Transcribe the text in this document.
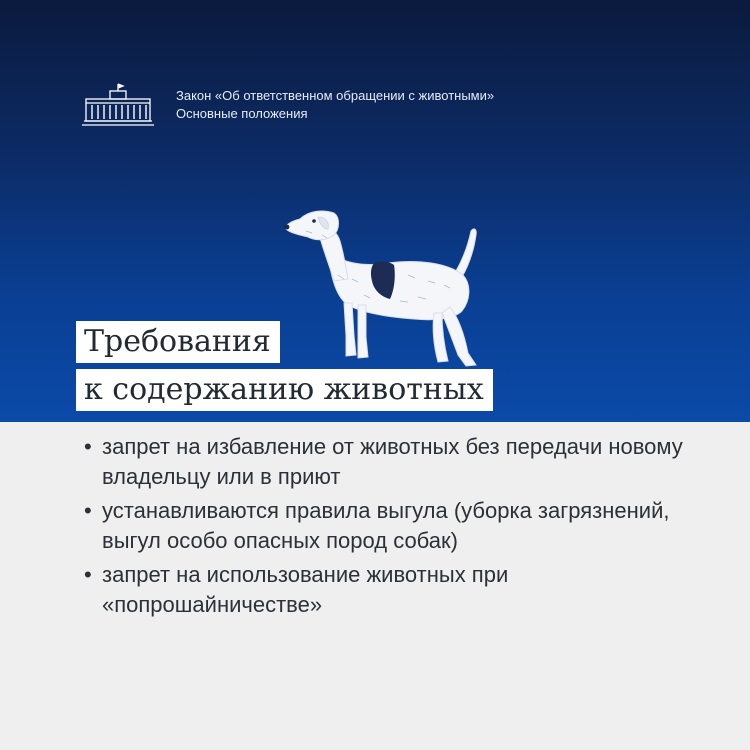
Закон «Об ответственном обращении с животными»
Основные положения
Требования
к содержанию животных
• запрет на избавление от животных без передачи новому владельцу или в приют
• устанавливаются правила выгула (уборка загрязнений, выгул особо опасных пород собак)
• запрет на использование животных при «попрошайничестве»
